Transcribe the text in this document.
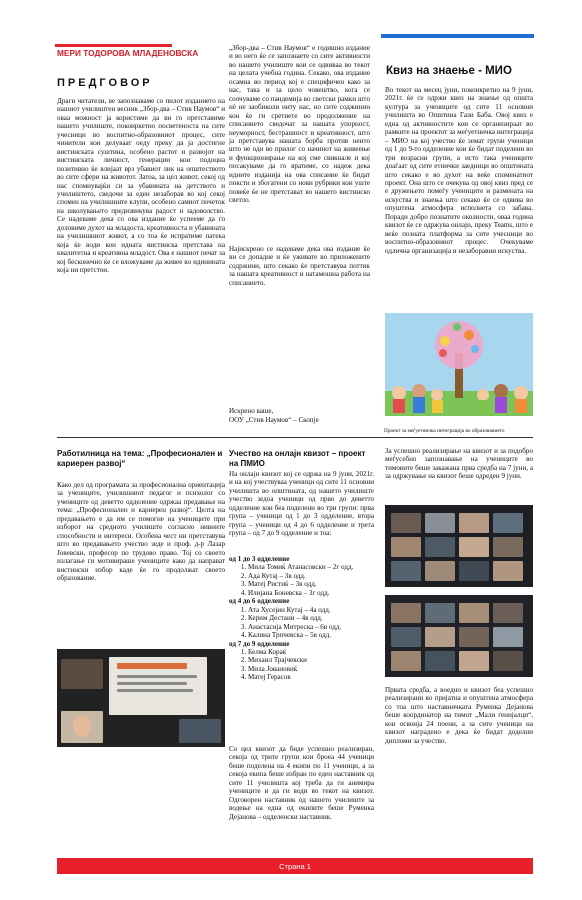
МЕРИ ТОДОРОВА МЛАДЕНОВСКА
ПРЕДГОВОР
Драги читатели, ве запознаваме со пилот изданието на нашиот училиштен весник „Збор-двa – Стив Наумов“ и оваа можност ја користиме да ви го претставиме нашето училиште, покоиркетно посветеноста на сите учесници во воспитно-образовниот процес, сите чинители кои делуваат оеду преку да ја достигне вистинската суштина, особено растот и развојот на вистинската личност, генерации кои подоцна позитивно ќе влијаат врз убавиот лик на општеството во сите сфери на животот. Затоа, за цел живот, секој од нас спомнуваjќи си за убавината на детството и училиштето, сведочи за еден незаборав во кој секој спомен на училишните клупи, особено самиот почеток на школувањето предизвикува радост и задоволство. Се надеваме дека со ова издание ќе успееме да го доловиме духот на младоста, креативноста и убавината на училишниот живот, а со тоа ќе испратиме патека која ќе води кон идната вистинска претставa на квалитетна и креативна младост. Ова е нашиот печат за кој бесконечно ќе се вложуваме да живее во идинината која ни претстои.
„Збор-двa – Стив Наумов“ е годишно издание и во него ќе се запознаете со сите активности во нашето училиште кои се одвиваа во текот на целата учебна година. Секако, ова издание осамна во период кој е специфичен како за нас, така и за цело човештво, кога се соочуваме со пандемија во светски рамки што нè не заобиколи ниту нас, но сите соджинин кон ќе ги сретнете во продолжение на списанието сведочат за нашата упорност, неуморност, бестрашност и креативност, што ја претставува нашата борба против неито што не оди во прилог со начинот на живеење и функционирање на кој сме свикнале и кој посакуваме да го вратиме, со надеж дека идните изданија на ова списание ќе бидат поксти и збогатени со нови рубрики кои уште повеќе ќе не претставaт во нашето вистинско светло.
Најискрено се надеваме дека ова издание ќе ви се допадне и ќе уживате во приложените содржини, што секако ќе претставува поттик за нашата креативност и натамошна работа на списанието.
Искрено ваше,
ООУ „Стив Наумов“ – Скопје
Квиз на знаење - МИО
Во текот на месец јуни, поконкретно на 9 јуни, 2021г. ќе се одржи квиз на знаење од општа култура за учениците од сите 11 основни училишта во Општина Гази Баба. Овој квиз е една од активностите кои се организираат во рамките на проектот за меѓуетничка интеграција – МИО на кој учество ќе земат групи ученици од 1 до 9-то одделение кои ќе бидат поделени во три возрасни групи, а исто така учениците доаѓаат од сите етнички заедници во општината што секако е во духот на веќе споменатиот проект. Она што се очекува од овој квиз пред се е дружењето помеѓу учениците и размената на искуства и знаења што секако ќе се одвива во опуштена атмосфера исполнета со забава. Поради добро познатите околности, оваа година квизот ќе се одржува онлајн, преку Teams, што е веќе позната платформа за сите учесници во воспитно-образовниот процес. Очекуваме одлична организација и незаборавни искуства.
Проект за меѓуетничка интеграција во образованието
Работилница на тема: „Професионален и кариерен развој“
Како дел од програмата за професионална ориентација за учениците, училишниот педагог и психолог со учениците од деветто одделение одржаа предавање на тема: „Професионален и кариерен развој“. Целта на предавањето е да им се помогне на учениците при изборот на средното училиште согласно нивните способности и интереси. Особена чест ни претставува што во предавањето учество зеде и проф. д-р Лазар Јовевски, професор по трудово право. Тој со своето излагање ги мотивираше учениците како да направат вистински избор каде ќе го продолжат своето образование.
Учество на онлајн квизот – проект на ПМИО
На онлајн квизот кој се одржа на 9 јуни, 2021г. и на кој учествуваа ученици од сите 11 основни училишта во општината, од нашето училиште учество зедоа ученици од прво до деветто одделение кои беа поделени во три групи: прва група – ученици од 1 до 3 одделение, втора група – ученици од 4 до 6 одделение и трета група – од 7 до 9 одделение и тоа:
од 1 до 3 одделение
1. Мила Томиќ Атанасовски – 2г одд.
2. Ада Кутај – 3в одд.
3. Матеј Ристиќ – 3в одд.
4. Илијана Боневска – 3г одд.
од 4 до 6 одделение
1. Ата Хусејин Кутај – 4а одд.
2. Керим Дестани – 4в одд.
3. Анастасија Митреска – 6в одд.
4. Калина Трпчевска – 5в одд.
од 7 до 9 одделение
1. Белма Кораќ
2. Михаил Трајчевски
3. Мила Јовановиќ
4. Матеј Герасов
Со цел квизот да биде успешно реализиран, секоја од трите групи кои броеа 44 ученици беше поделена на 4 екипи по 11 ученици, а за секоја екипа беше избран по еден наставник од сите 11 училишта кој треба да ги анимира учениците и да ги води во текот на квизот. Одговорен наставник од нашето училиште за водење на една од екипите беше Руменка Дејанова – одделенски наставник.
За успешно реализирање на квизот и за подобро меѓусебно запознавање на учениците во тимовите беше закажана прва средба на 7 јуни, а за одржување на квизот беше одреден 9 јуни.
Првата средба, а воедно и квизот беа успешно реализирани во пријатна и опуштена атмосфера со тоа што наставничката Руменка Дејанова беше координатор на тимот „Мали гениjалци“, кои освоија 24 поени, а за сите ученици на квизот наградено е дека ќе бидат доделни дипломи за учество.
Страна 1
